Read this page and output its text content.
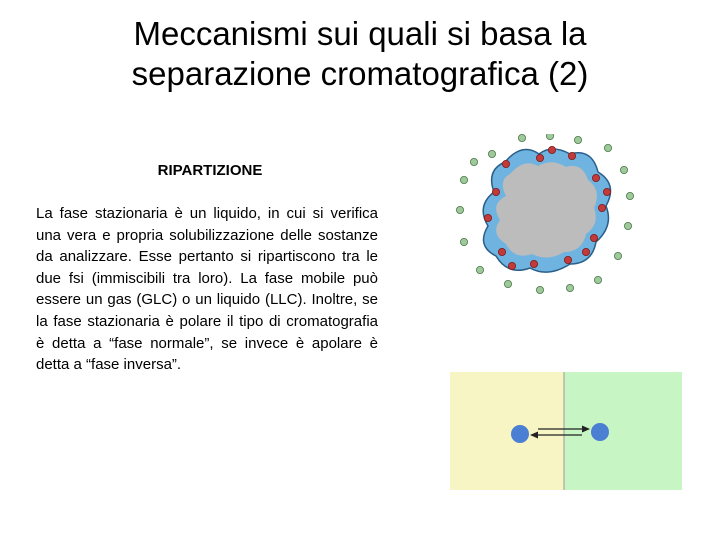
Meccanismi sui quali si basa la
separazione cromatografica (2)
RIPARTIZIONE
La fase stazionaria è un liquido, in cui si verifica una vera e propria solubilizzazione delle sostanze da analizzare. Esse pertanto si ripartiscono tra le due fsi (immiscibili tra loro). La fase mobile può essere un gas (GLC) o un liquido (LLC). Inoltre, se la fase stazionaria è polare il tipo di cromatografia è detta a “fase normale”, se invece è apolare è detta a “fase inversa”.
